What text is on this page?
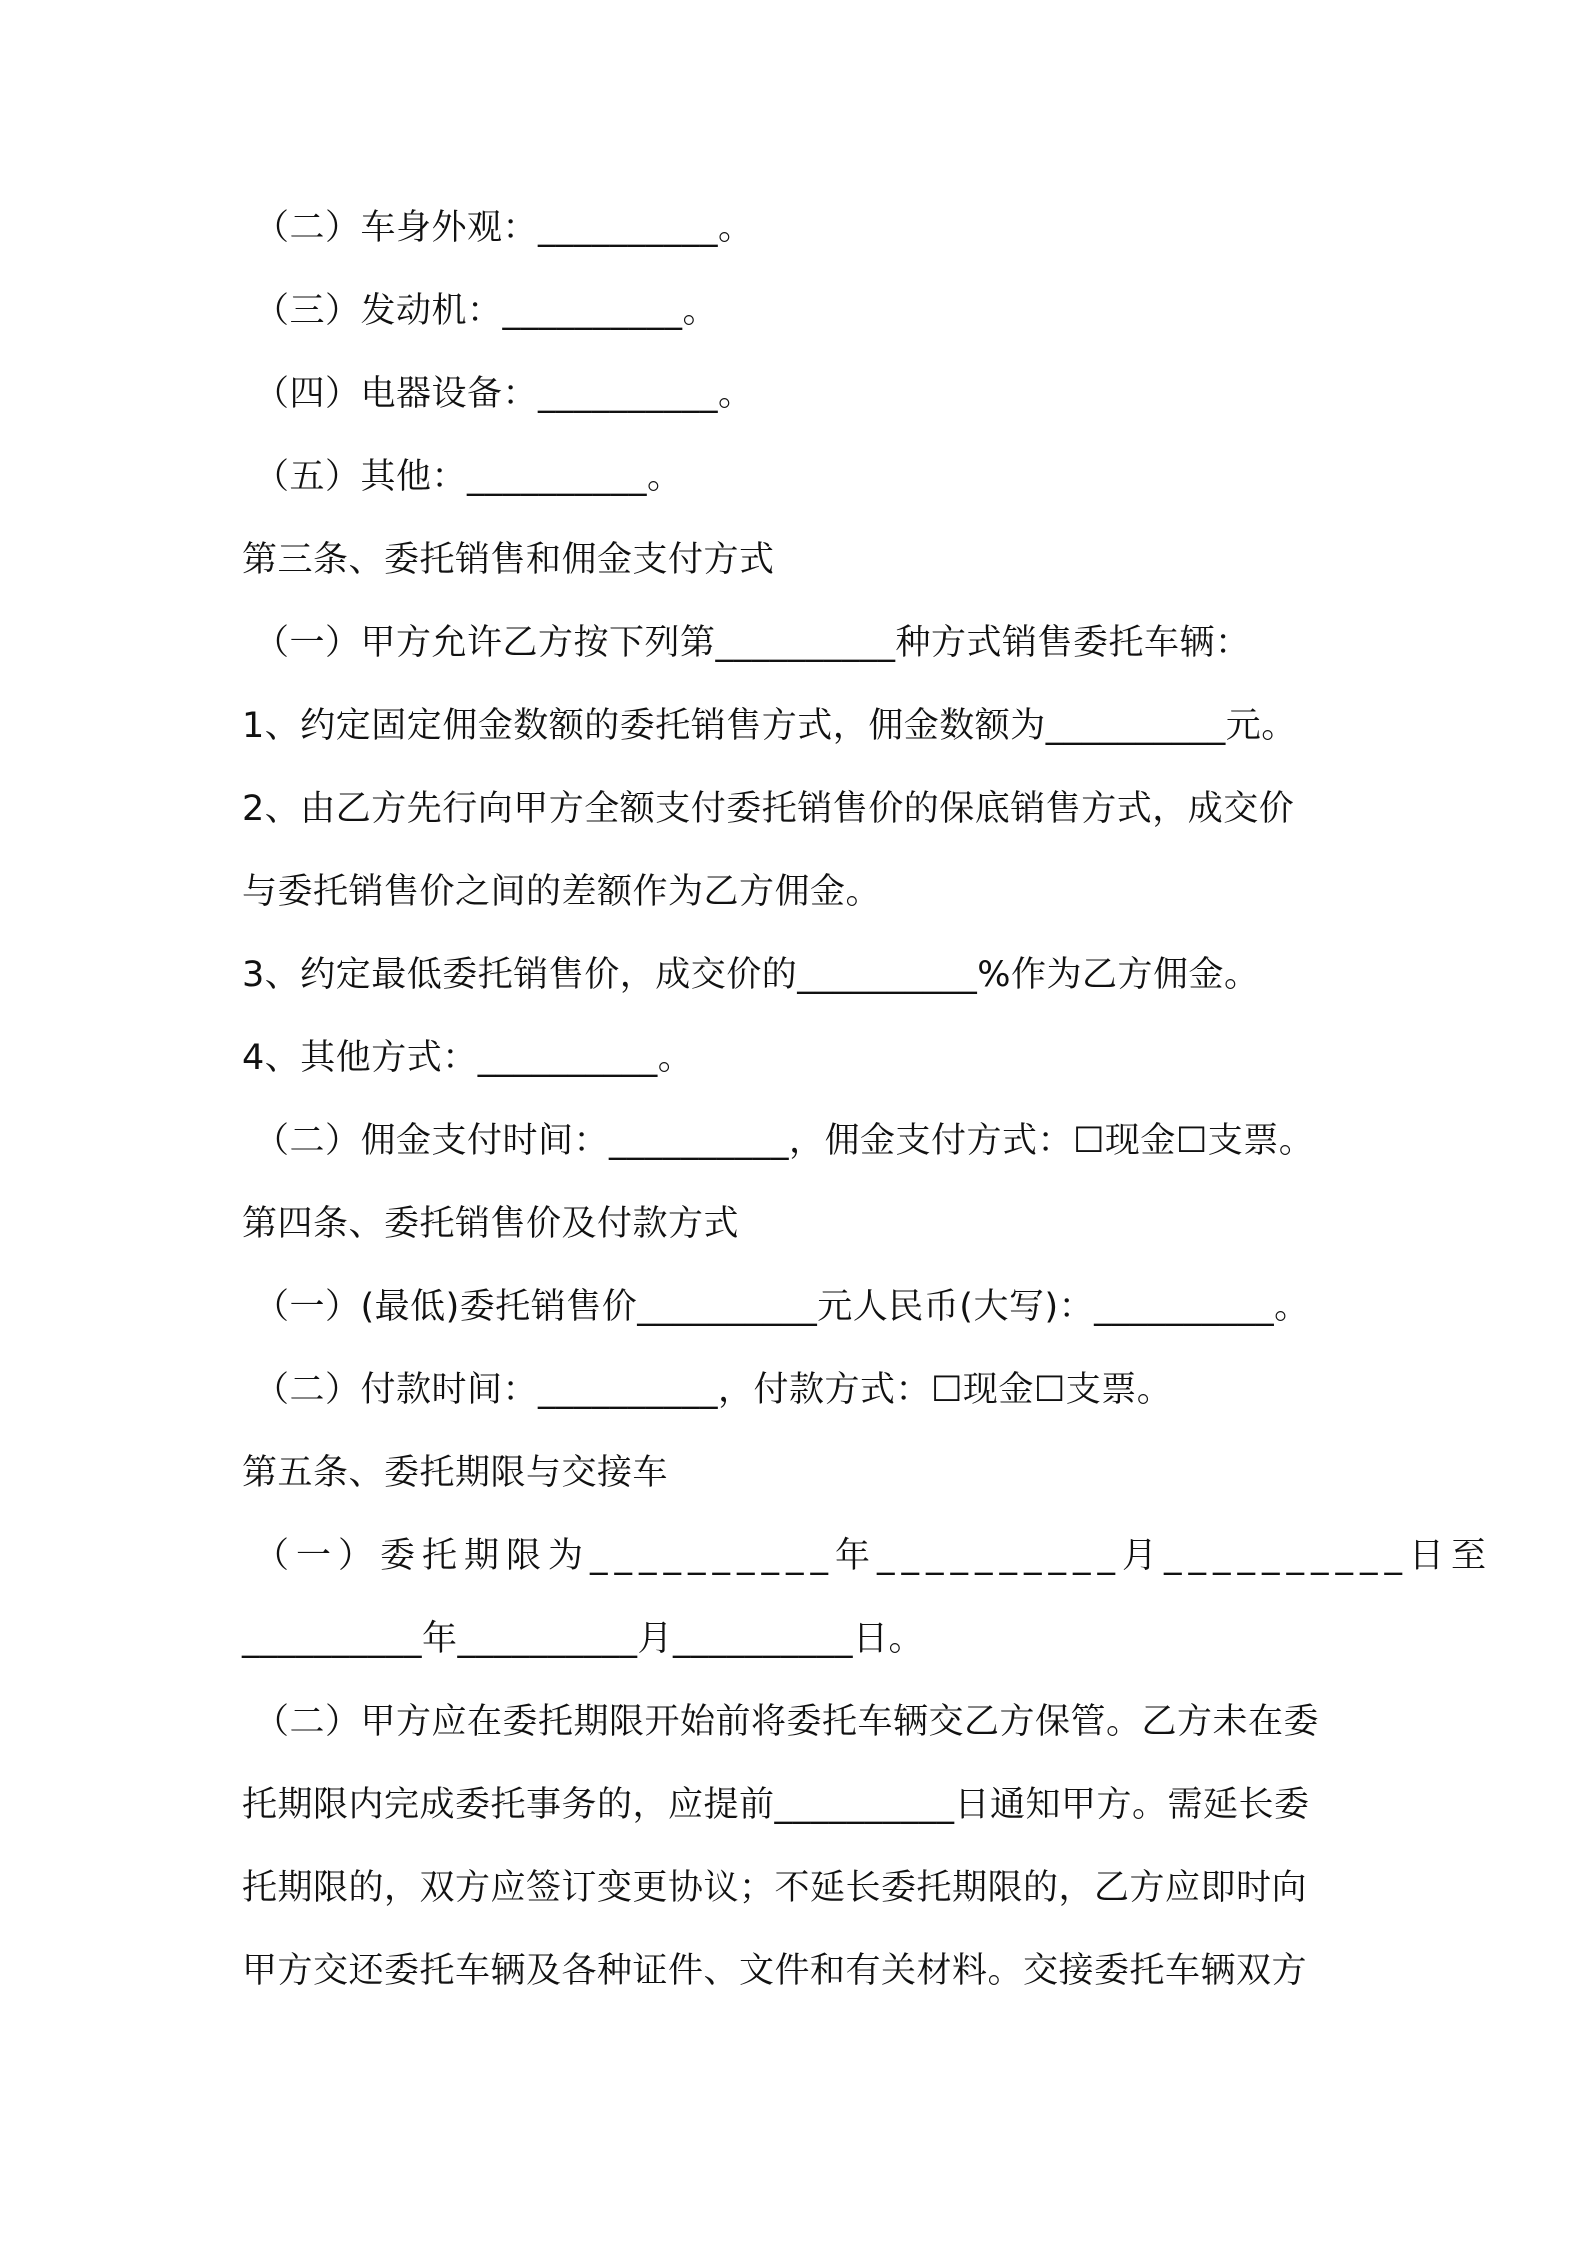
（二）车身外观：__________。
（三）发动机：__________。
（四）电器设备：__________。
（五）其他：__________。
第三条、委托销售和佣金支付方式
（一）甲方允许乙方按下列第__________种方式销售委托车辆：
1、约定固定佣金数额的委托销售方式，佣金数额为__________元。
2、由乙方先行向甲方全额支付委托销售价的保底销售方式，成交价
与委托销售价之间的差额作为乙方佣金。
3、约定最低委托销售价，成交价的__________%作为乙方佣金。
4、其他方式：__________。
（二）佣金支付时间：__________，佣金支付方式：☐现金☐支票。
第四条、委托销售价及付款方式
（一）(最低)委托销售价__________元人民币(大写)：__________。
（二）付款时间：__________，付款方式：☐现金☐支票。
第五条、委托期限与交接车
（一）委托期限为__________年__________月__________日至
__________年__________月__________日。
（二）甲方应在委托期限开始前将委托车辆交乙方保管。乙方未在委
托期限内完成委托事务的，应提前__________日通知甲方。需延长委
托期限的，双方应签订变更协议；不延长委托期限的，乙方应即时向
甲方交还委托车辆及各种证件、文件和有关材料。交接委托车辆双方
